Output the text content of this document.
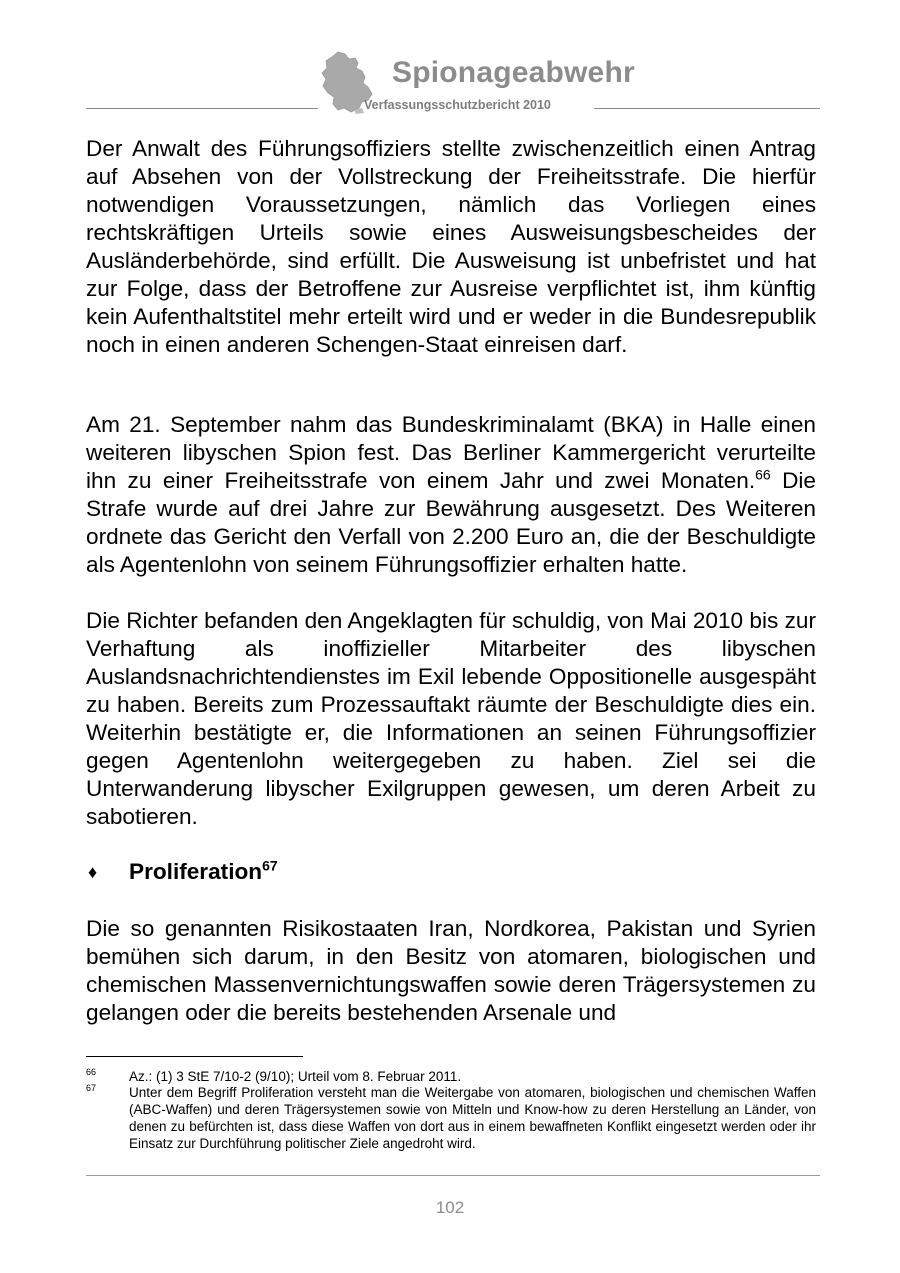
Spionageabwehr
Verfassungsschutzbericht 2010

Der Anwalt des Führungsoffiziers stellte zwischenzeitlich einen Antrag auf Absehen von der Vollstreckung der Freiheitsstrafe. Die hierfür notwendigen Voraussetzungen, nämlich das Vorliegen eines rechtskräftigen Urteils sowie eines Ausweisungsbescheides der Ausländerbehörde, sind erfüllt. Die Ausweisung ist unbefristet und hat zur Folge, dass der Betroffene zur Ausreise verpflichtet ist, ihm künftig kein Aufenthaltstitel mehr erteilt wird und er weder in die Bundesrepublik noch in einen anderen Schengen-Staat einreisen darf.

Am 21. September nahm das Bundeskriminalamt (BKA) in Halle einen weiteren libyschen Spion fest. Das Berliner Kammergericht verurteilte ihn zu einer Freiheitsstrafe von einem Jahr und zwei Monaten.$^{66}$ Die Strafe wurde auf drei Jahre zur Bewährung ausgesetzt. Des Weiteren ordnete das Gericht den Verfall von 2.200 Euro an, die der Beschuldigte als Agentenlohn von seinem Führungsoffizier erhalten hatte.

Die Richter befanden den Angeklagten für schuldig, von Mai 2010 bis zur Verhaftung als inoffizieller Mitarbeiter des libyschen Auslandsnachrichtendienstes im Exil lebende Oppositionelle ausgespäht zu haben. Bereits zum Prozessauftakt räumte der Beschuldigte dies ein. Weiterhin bestätigte er, die Informationen an seinen Führungsoffizier gegen Agentenlohn weitergegeben zu haben. Ziel sei die Unterwanderung libyscher Exilgruppen gewesen, um deren Arbeit zu sabotieren.

♦ Proliferation$^{67}$

Die so genannten Risikostaaten Iran, Nordkorea, Pakistan und Syrien bemühen sich darum, in den Besitz von atomaren, biologischen und chemischen Massenvernichtungswaffen sowie deren Trägersystemen zu gelangen oder die bereits bestehenden Arsenale und

66 Az.: (1) 3 StE 7/10-2 (9/10); Urteil vom 8. Februar 2011.

67 Unter dem Begriff Proliferation versteht man die Weitergabe von atomaren, biologischen und chemischen Waffen (ABC-Waffen) und deren Trägersystemen sowie von Mitteln und Know-how zu deren Herstellung an Länder, von denen zu befürchten ist, dass diese Waffen von dort aus in einem bewaffneten Konflikt eingesetzt werden oder ihr Einsatz zur Durchführung politischer Ziele angedroht wird.

102
